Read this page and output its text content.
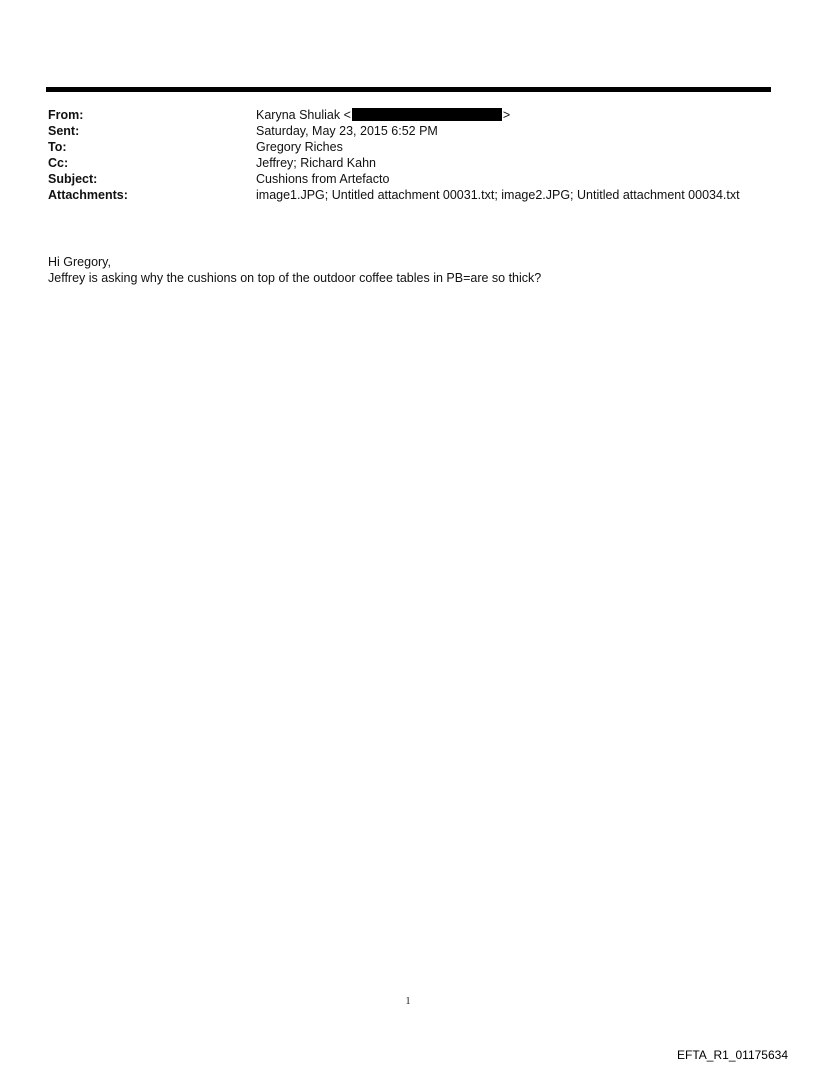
From:	Karyna Shuliak <	>
Sent:	Saturday, May 23, 2015 6:52 PM
To:	Gregory Riches
Cc:	Jeffrey; Richard Kahn
Subject:	Cushions from Artefacto
Attachments:	image1.JPG; Untitled attachment 00031.txt; image2.JPG; Untitled attachment 00034.txt
Hi Gregory,
Jeffrey is asking why the cushions on top of the outdoor coffee tables in PB=are so thick?
1
EFTA_R1_01175634
